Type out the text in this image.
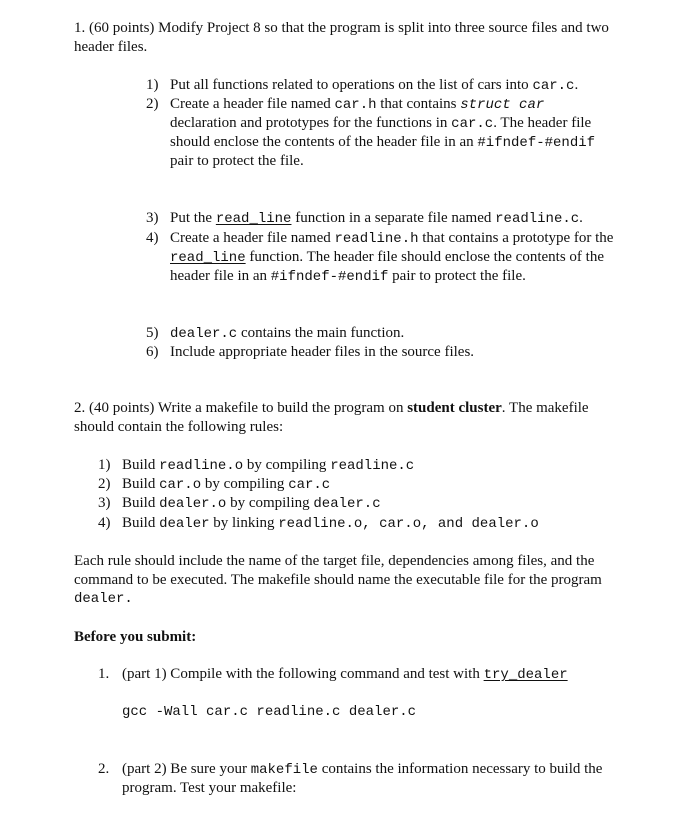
1. (60 points) Modify Project 8 so that the program is split into three source files and two
header files.
1) Put all functions related to operations on the list of cars into car.c.
2) Create a header file named car.h that contains struct car
declaration and prototypes for the functions in car.c. The header file
should enclose the contents of the header file in an #ifndef-#endif
pair to protect the file.
3) Put the read_line function in a separate file named readline.c.
4) Create a header file named readline.h that contains a prototype for the
read_line function. The header file should enclose the contents of the
header file in an #ifndef-#endif pair to protect the file.
5) dealer.c contains the main function.
6) Include appropriate header files in the source files.
2. (40 points) Write a makefile to build the program on student cluster. The makefile
should contain the following rules:
1) Build readline.o by compiling readline.c
2) Build car.o by compiling car.c
3) Build dealer.o by compiling dealer.c
4) Build dealer by linking readline.o, car.o, and dealer.o
Each rule should include the name of the target file, dependencies among files, and the
command to be executed. The makefile should name the executable file for the program
dealer.
Before you submit:
1. (part 1) Compile with the following command and test with try_dealer
gcc -Wall car.c readline.c dealer.c
2. (part 2) Be sure your makefile contains the information necessary to build the
program. Test your makefile:
